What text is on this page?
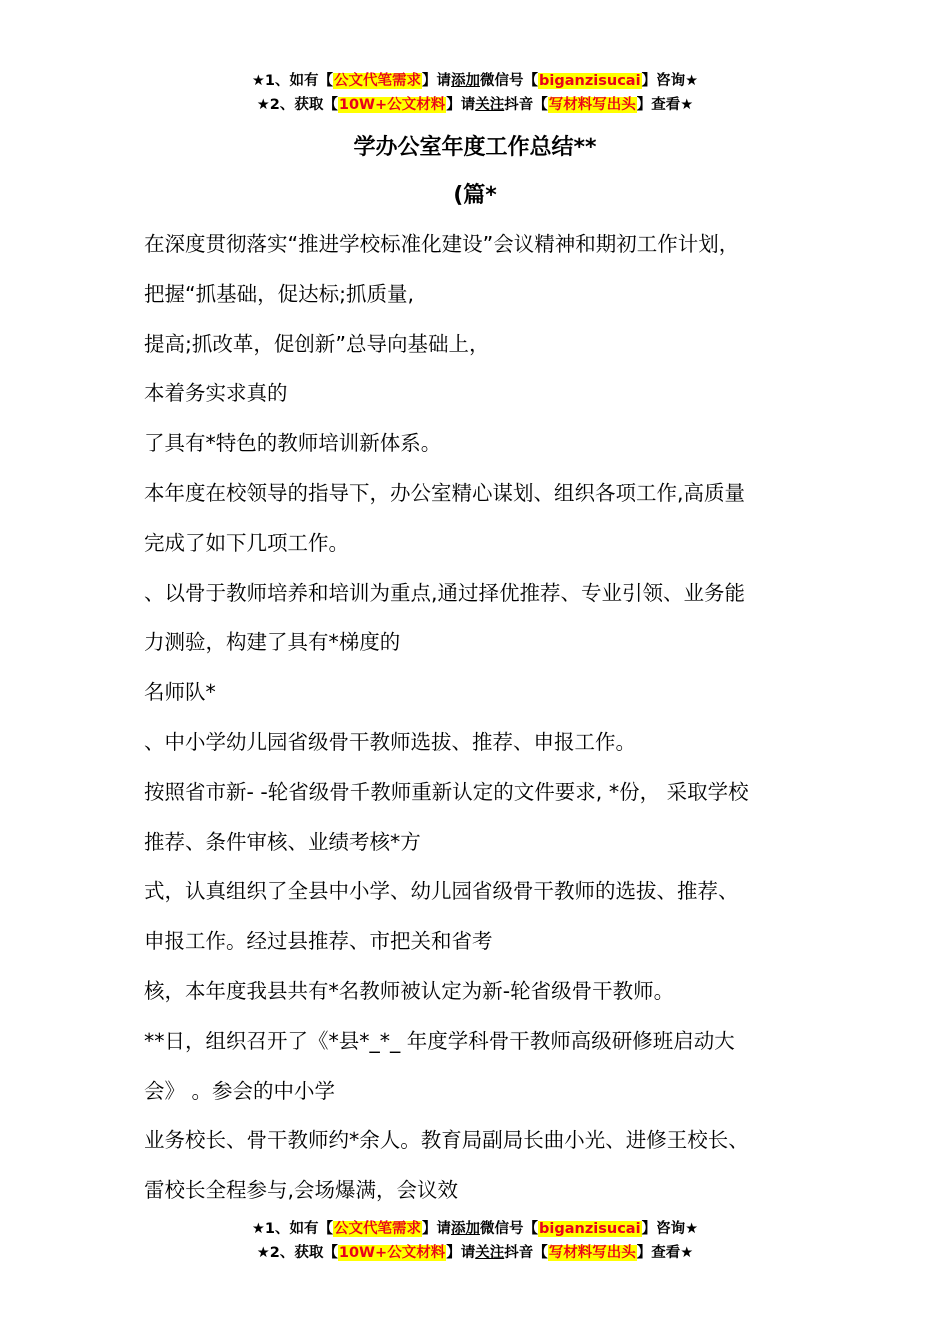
★1、如有【公文代笔需求】请添加微信号【biganzisucai】咨询★
★2、获取【10W+公文材料】请关注抖音【写材料写出头】查看★
学办公室年度工作总结**
(篇*
在深度贯彻落实“推进学校标准化建设”会议精神和期初工作计划，
把握“抓基础，促达标;抓质量,
提高;抓改革，促创新”总导向基础上，
本着务实求真的
了具有*特色的教师培训新体系。
本年度在校领导的指导下，办公室精心谋划、组织各项工作,高质量
完成了如下几项工作。
、以骨于教师培养和培训为重点,通过择优推荐、专业引领、业务能
力测验，构建了具有*梯度的
名师队*
、中小学幼儿园省级骨干教师选拔、推荐、申报工作。
按照省市新- -轮省级骨千教师重新认定的文件要求, *份， 采取学校
推荐、条件审核、业绩考核*方
式，认真组织了全县中小学、幼儿园省级骨干教师的选拔、推荐、
申报工作。经过县推荐、市把关和省考
核，本年度我县共有*名教师被认定为新-轮省级骨干教师。
**日，组织召开了《*县*_*_ 年度学科骨干教师高级研修班启动大
会》 。参会的中小学
业务校长、骨干教师约*余人。教育局副局长曲小光、进修王校长、
雷校长全程参与,会场爆满，会议效
★1、如有【公文代笔需求】请添加微信号【biganzisucai】咨询★
★2、获取【10W+公文材料】请关注抖音【写材料写出头】查看★
